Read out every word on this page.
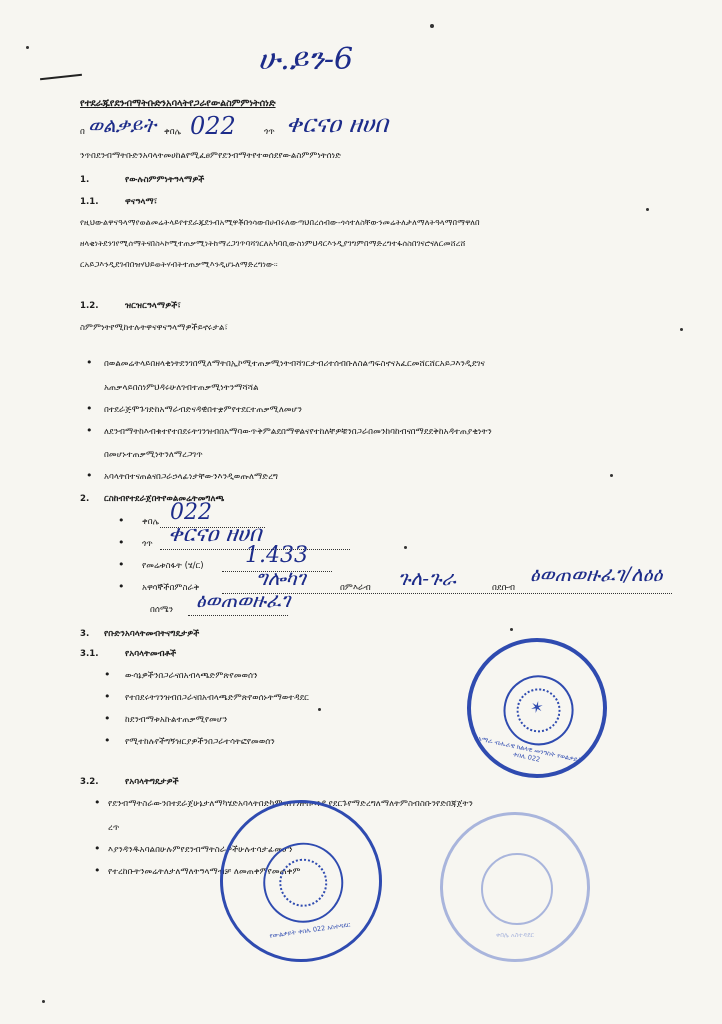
ሁ.ይን-6
የተደራጁየደንብማትቡድንአባላትየጋራየውልስምምነትሰነድ
በ ወልቃይት ቀበሌ 022	ጎጥ ቀርናዐ ዘሀበ
ንጥበደንብማትቡድንአባላትመሀከልየሚፈፀምየደንብማትየተወሰደየውልስምምነትሰነድ
1.	የውሉስምምነትዓላማዎች
1.1.	ዋናዓላማ፣
የዚህውልዋናዓላማየወልመሬትላይየተደራጁደንብአሚዋቾበጎሳውበሀብሩለውጣህበረሰብው-ጎሳተለስቸውንመሬትለታለማለትዓላማበማዋለበ ዘላቂነትደንገየሚሰማትናበስኣኮሚተጠቃሚነትከማረጋገጥባሻገርለአካባቢውስነምህዳርእንዲያገግምበማድረግተፋሰስበገናሮናለርመሸረሸ ርአይጋእንዲደገብበዝሃህይወትሃብትተጠቃሚእንዲሆኑለማድረግነው።
1.2.	ዝርዝርዓላማዎች፣
ስምምነትየሚከተሉትዋናዋናዓላማዎችይኖሩታል፣
• በወልመሬትላይበዘላቂነትደንገበሚለማትበኢኮሚተጠቃሚነትብሻገርታብሪተሰብቡለስልጣፍስኖናአፈርመሸርሸርአይጋእንዲደገና
አጠቃላይበስነምህዳሩሁለገብተጠቃሚነትንማሻሻል
• በተደራጅሞጉገድከአማራብድናዳዊበተቋምየተደርተጠቃሚለመሆን
• ለደንብማትከእብቁተየተበደሩትገንዝብበአማባውጥቅምልደበማዋልናየተከለቸዎቹንበጋራበመንከባከብናበማደደቅከአዳተጠያቂነትን
በመሆኑተጠቃሚነትንለማረጋገጥ
• አባላትበተናጠልናበጋራኃላፊነታቸውንእንዲወጡለማድረግ
2. ርስከብየተደራጀበትየወልመሬትመግለጫ
• ቀበሌ 022
• ጎጥ ቀርናዐ ዘሀበ
• የመሬቱስፋት (ሄ/ር) 1.433
• አዋሳኞችበምስራቅ	ግሎካገ	በምእራብ ጉለ-ጉራ	በደቡብ
ፅወጠወዙፈገ/ለዕዕ
በሰሜን ፅወጠወዙፈገ
3. የቡድንአባላትመብትናግዴታዎች
3.1.	የአባላትመብቶች
• ውሳኔዎችንበጋራናበአብላጫድምጽየመወሰን
• የተበደሩትገንዝብበጋራናበአብላጫድምጽየወሰኑትማወተዳደር
• ከደንብማቱአኩልተጠቃሚየመሆን
• የሚተከሉየችግኝዝርያዎችንበጋራተሳትፎየመወሰን
3.2.	የአባላትግዴታዎች
• የደንብማትስራውንበተደራጀሁኔታለማካሄድአባላትበድካምናበገንዘብእንዲያደርጉየማድረግለማለትምስብስቡንየድበጃጀትን
ረጥ
• እያንዳንዱአባልበሁሉምየደንብማትስራዎችሁሉተሳታፊመሆን
• የተረከቡትንመሬትለታለማለትዓላማብቻ ለመጠቀምየመጠቀም
✶
በአማራ ብሔራዊ ክልላዊ መንግስት የወልቃይት ቀበሌ 022
የውልቃይት ቀበሌ 022 አስተዳደር	ቀበሌ አስተዳደር
